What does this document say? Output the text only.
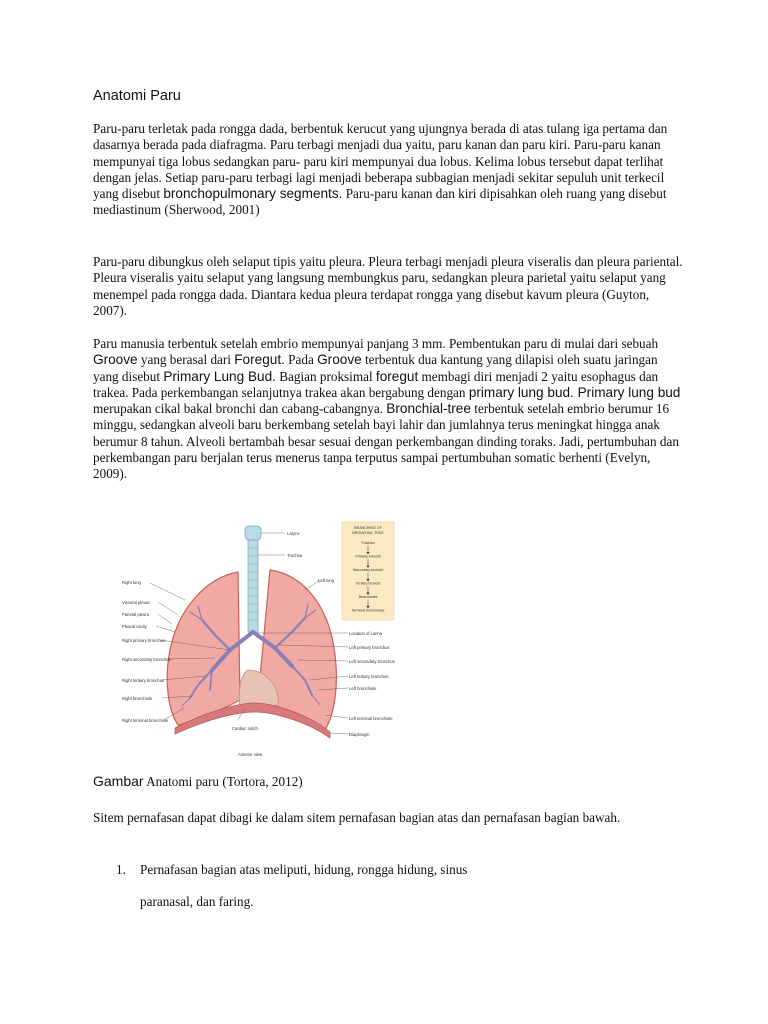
Anatomi Paru
Paru-paru terletak pada rongga dada, berbentuk kerucut yang ujungnya berada di atas tulang iga pertama dan dasarnya berada pada diafragma. Paru terbagi menjadi dua yaitu, paru kanan dan paru kiri. Paru-paru kanan mempunyai tiga lobus sedangkan paru- paru kiri mempunyai dua lobus. Kelima lobus tersebut dapat terlihat dengan jelas. Setiap paru-paru terbagi lagi menjadi beberapa subbagian menjadi sekitar sepuluh unit terkecil yang disebut bronchopulmonary segments. Paru-paru kanan dan kiri dipisahkan oleh ruang yang disebut mediastinum (Sherwood, 2001)
Paru-paru dibungkus oleh selaput tipis yaitu pleura. Pleura terbagi menjadi pleura viseralis dan pleura pariental. Pleura viseralis yaitu selaput yang langsung membungkus paru, sedangkan pleura parietal yaitu selaput yang menempel pada rongga dada. Diantara kedua pleura terdapat rongga yang disebut kavum pleura (Guyton, 2007).
Paru manusia terbentuk setelah embrio mempunyai panjang 3 mm. Pembentukan paru di mulai dari sebuah Groove yang berasal dari Foregut. Pada Groove terbentuk dua kantung yang dilapisi oleh suatu jaringan yang disebut Primary Lung Bud. Bagian proksimal foregut membagi diri menjadi 2 yaitu esophagus dan trakea. Pada perkembangan selanjutnya trakea akan bergabung dengan primary lung bud. Primary lung bud merupakan cikal bakal bronchi dan cabang-cabangnya. Bronchial-tree terbentuk setelah embrio berumur 16 minggu, sedangkan alveoli baru berkembang setelah bayi lahir dan jumlahnya terus meningkat hingga anak berumur 8 tahun. Alveoli bertambah besar sesuai dengan perkembangan dinding toraks. Jadi, pertumbuhan dan perkembangan paru berjalan terus menerus tanpa terputus sampai pertumbuhan somatic berhenti (Evelyn, 2009).
Right lung
Visceral pleura
Parietal pleura
Pleural cavity
Right primary bronchus
Right secondary bronchus
Right tertiary bronchus
Right bronchiole
Right terminal bronchiole
Left lung
Location of carina
Left primary bronchus
Left secondary bronchus
Left tertiary bronchus
Left bronchiole
Left terminal bronchiole
Diaphragm
Larynx
Trachea
Cardiac notch
Anterior view
BRANCHING OF
BRONCHIAL TREE
Trachea
Primary bronchi
Secondary bronchi
Tertiary bronchi
Bronchioles
Terminal bronchioles
Gambar Anatomi paru (Tortora, 2012)
Sitem pernafasan dapat dibagi ke dalam sitem pernafasan bagian atas dan pernafasan bagian bawah.
1. Pernafasan bagian atas meliputi, hidung, rongga hidung, sinus
paranasal, dan faring.
